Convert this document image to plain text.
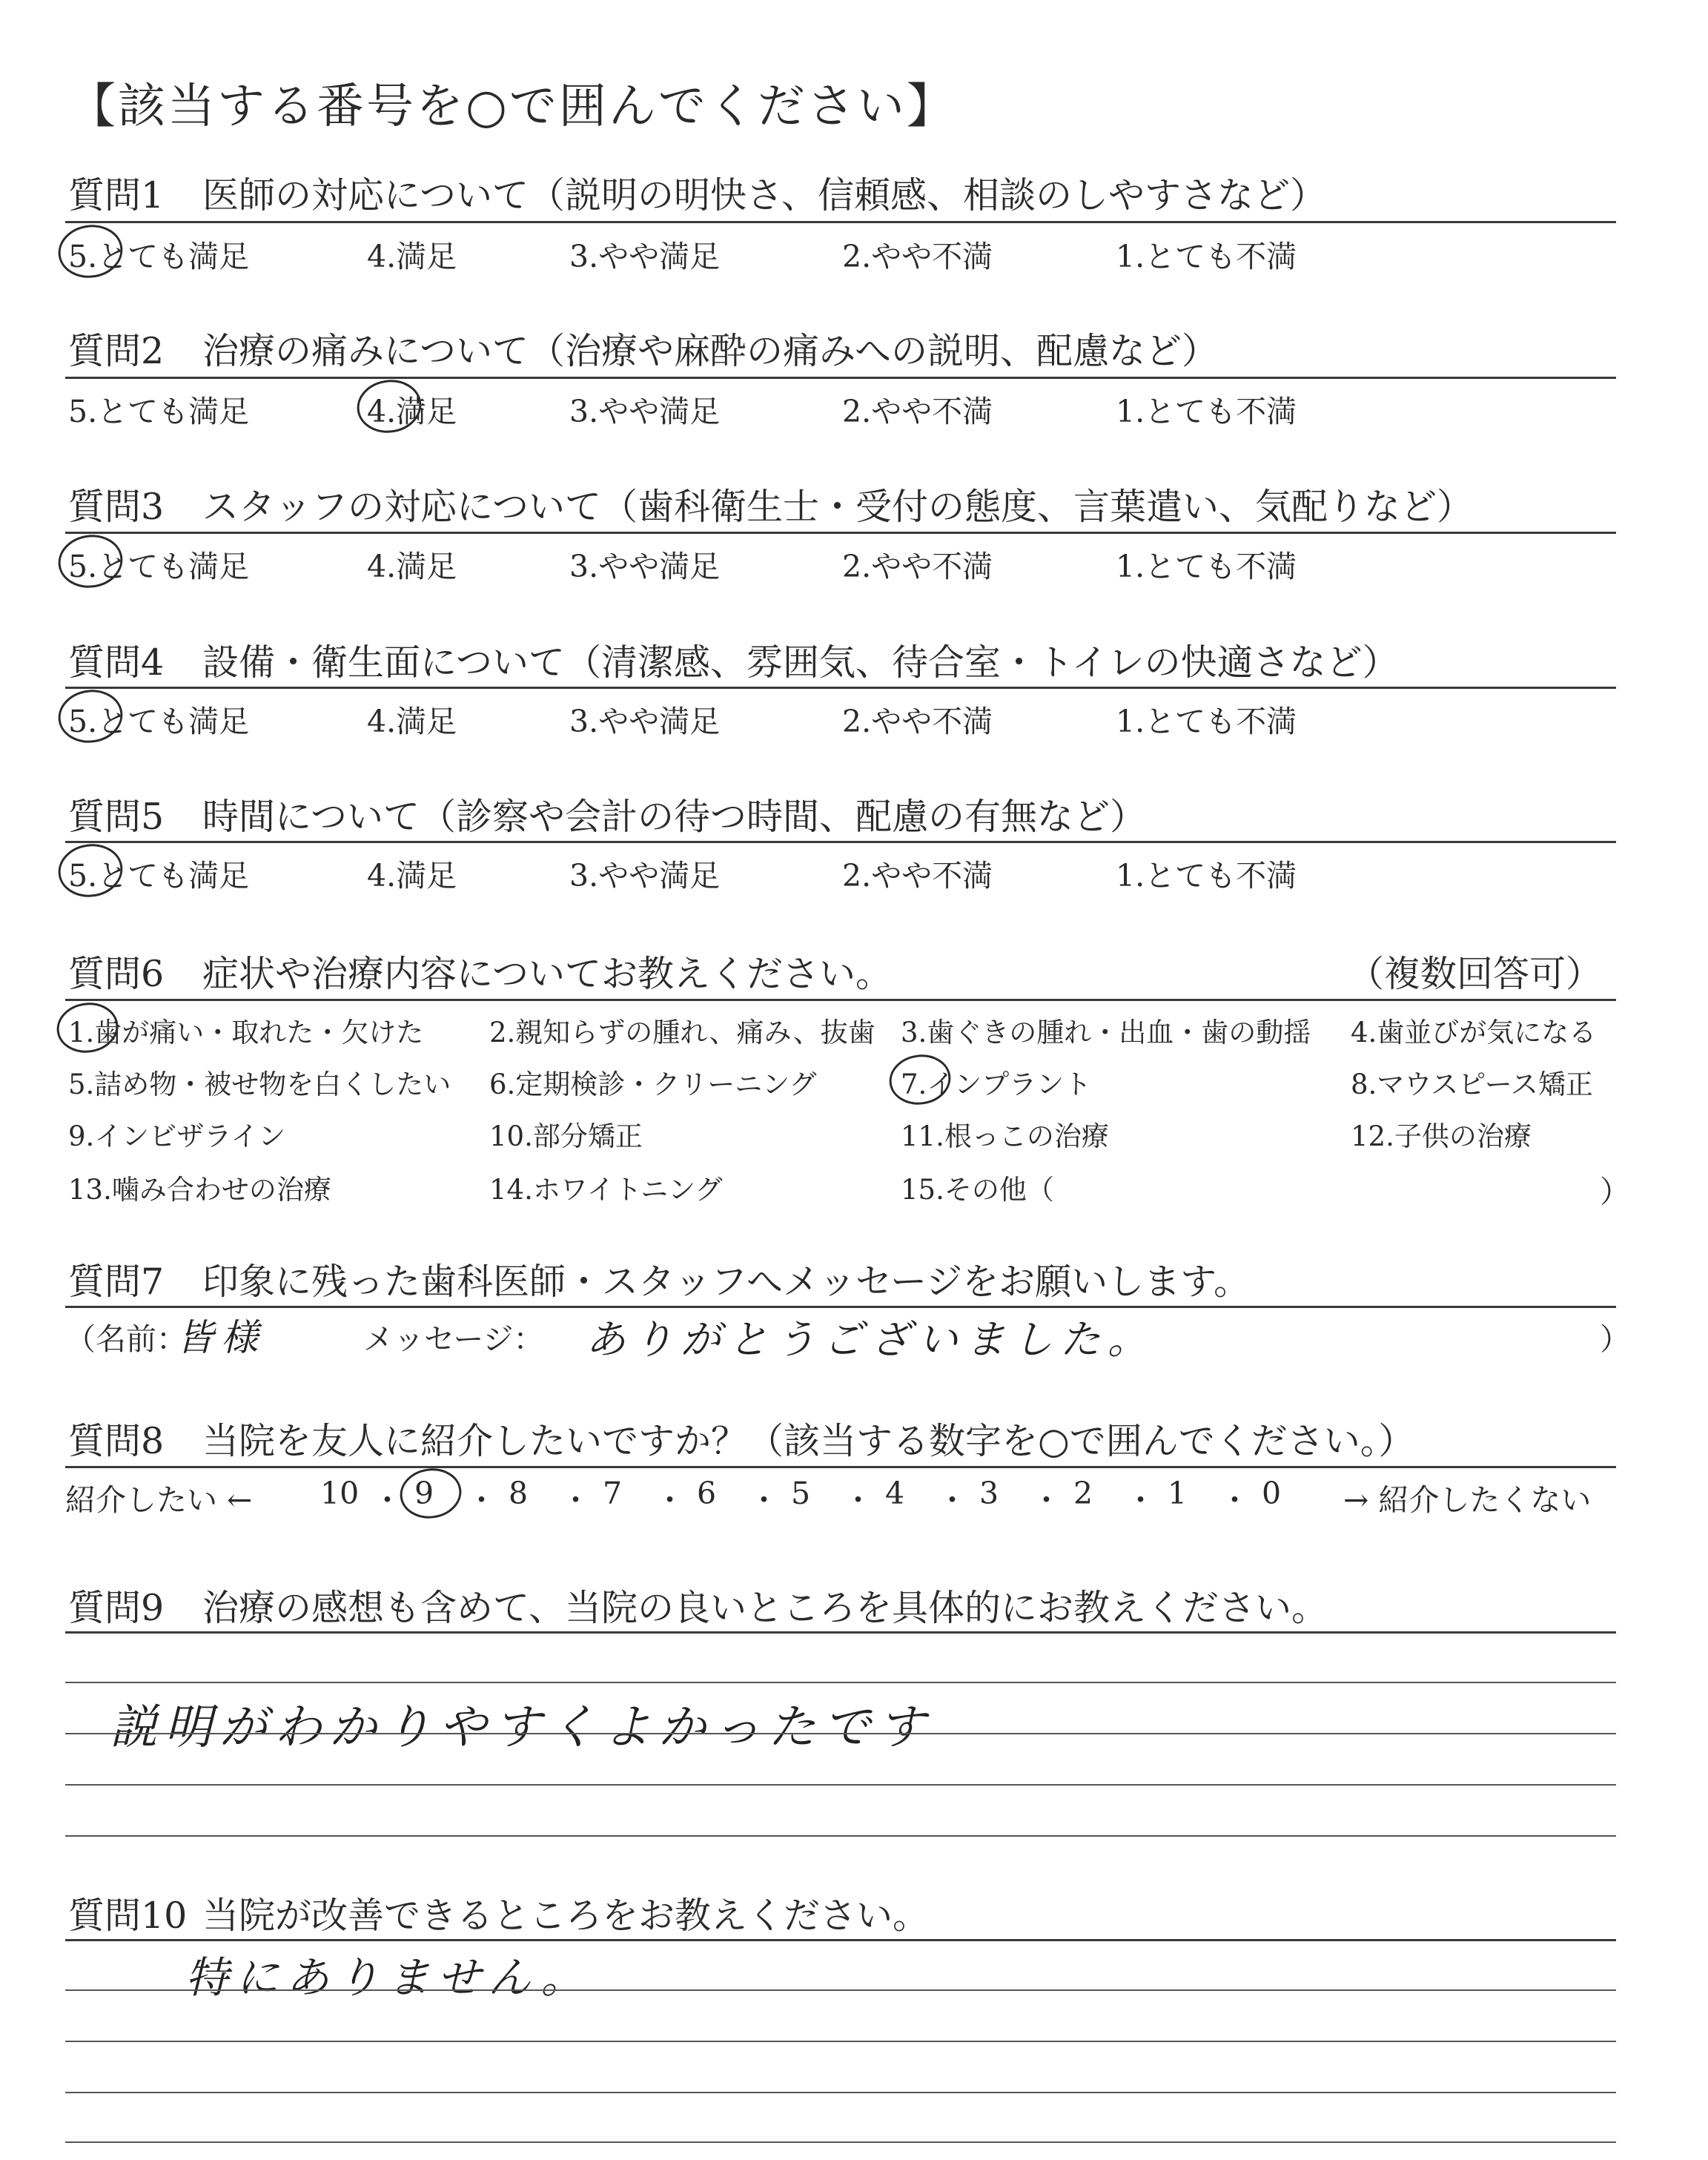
【該当する番号を○で囲んでください】
質問1 医師の対応について（説明の明快さ、信頼感、相談のしやすさなど）
5.とても満足	4.満足	3.やや満足	2.やや不満	1.とても不満
質問2 治療の痛みについて（治療や麻酔の痛みへの説明、配慮など）
5.とても満足	4.満足	3.やや満足	2.やや不満	1.とても不満
質問3 スタッフの対応について（歯科衛生士・受付の態度、言葉遣い、気配りなど）
5.とても満足	4.満足	3.やや満足	2.やや不満	1.とても不満
質問4 設備・衛生面について（清潔感、雰囲気、待合室・トイレの快適さなど）
5.とても満足	4.満足	3.やや満足	2.やや不満	1.とても不満
質問5 時間について（診察や会計の待つ時間、配慮の有無など）
5.とても満足	4.満足	3.やや満足	2.やや不満	1.とても不満
質問6 症状や治療内容についてお教えください。	（複数回答可）
1.歯が痛い・取れた・欠けた 2.親知らずの腫れ、痛み、抜歯 3.歯ぐきの腫れ・出血・歯の動揺 4.歯並びが気になる
5.詰め物・被せ物を白くしたい 6.定期検診・クリーニング	7.インプラント	8.マウスピース矯正
9.インビザライン	10.部分矯正	11.根っこの治療	12.子供の治療
13.噛み合わせの治療	14.ホワイトニング	15.その他（	）
質問7 印象に残った歯科医師・スタッフへメッセージをお願いします。
（名前：
皆様	メッセージ： ありがとうございました。	）
質問8 当院を友人に紹介したいですか？（該当する数字を○で囲んでください。）
紹介したい ← 10 ・ 9 ・ 8 ・ 7 ・ 6 ・ 5 ・ 4 ・ 3 ・ 2 ・ 1 ・ 0 → 紹介したくない
質問9 治療の感想も含めて、当院の良いところを具体的にお教えください。
説明がわかりやすくよかったです
質問10 当院が改善できるところをお教えください。
特にありません。
